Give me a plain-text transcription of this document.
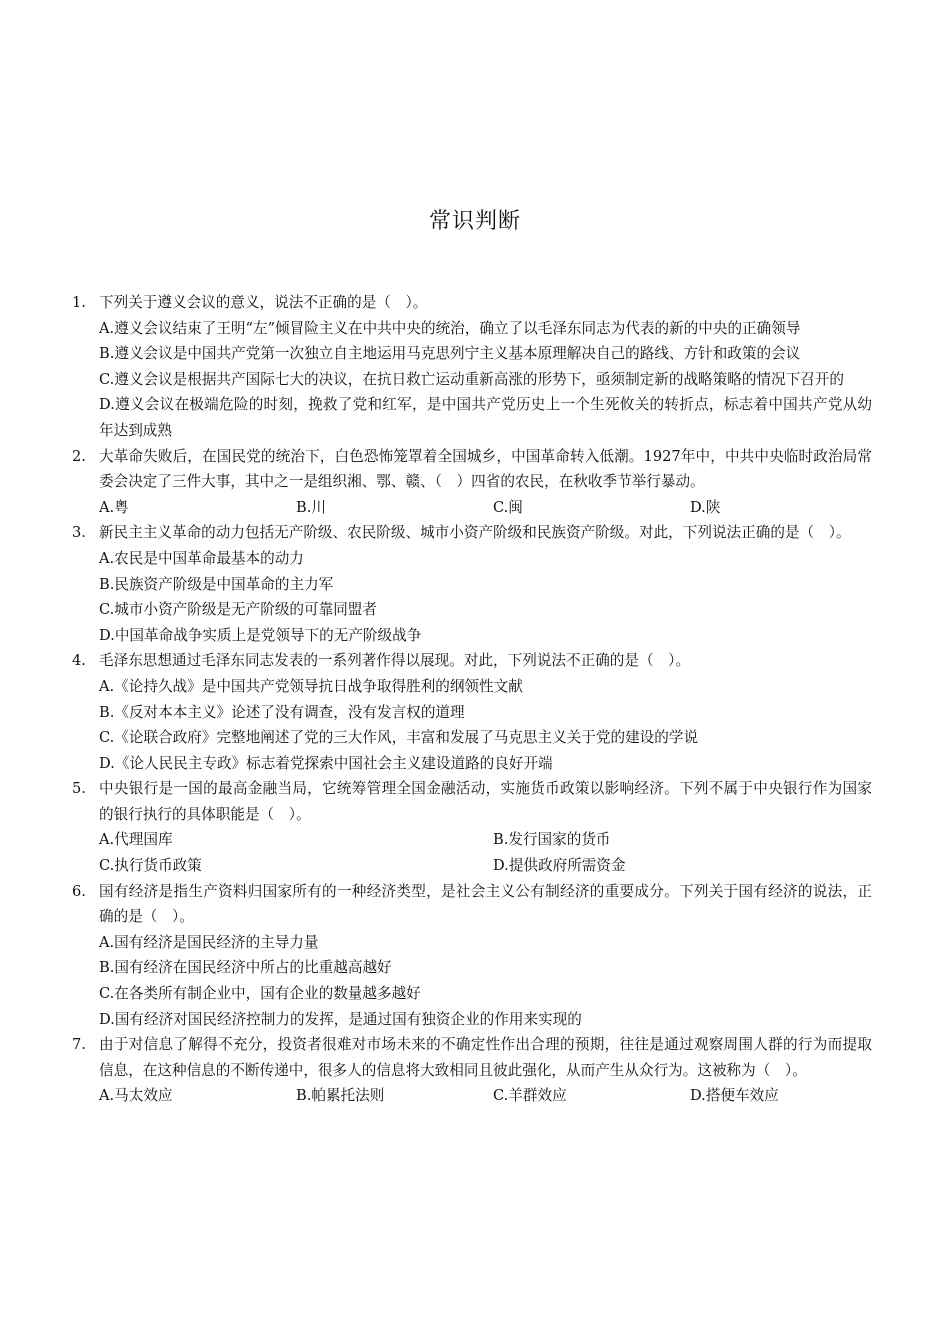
常识判断
1. 下列关于遵义会议的意义，说法不正确的是（　）。
A.遵义会议结束了王明“左”倾冒险主义在中共中央的统治，确立了以毛泽东同志为代表的新的中央的正确领导
B.遵义会议是中国共产党第一次独立自主地运用马克思列宁主义基本原理解决自己的路线、方针和政策的会议
C.遵义会议是根据共产国际七大的决议，在抗日救亡运动重新高涨的形势下，亟须制定新的战略策略的情况下召开的
D.遵义会议在极端危险的时刻，挽救了党和红军，是中国共产党历史上一个生死攸关的转折点，标志着中国共产党从幼年达到成熟
2. 大革命失败后，在国民党的统治下，白色恐怖笼罩着全国城乡，中国革命转入低潮。1927年中，中共中央临时政治局常委会决定了三件大事，其中之一是组织湘、鄂、赣、（　）四省的农民，在秋收季节举行暴动。
A.粤	B.川	C.闽	D.陕
3. 新民主主义革命的动力包括无产阶级、农民阶级、城市小资产阶级和民族资产阶级。对此，下列说法正确的是（　）。
A.农民是中国革命最基本的动力
B.民族资产阶级是中国革命的主力军
C.城市小资产阶级是无产阶级的可靠同盟者
D.中国革命战争实质上是党领导下的无产阶级战争
4. 毛泽东思想通过毛泽东同志发表的一系列著作得以展现。对此，下列说法不正确的是（　）。
A.《论持久战》是中国共产党领导抗日战争取得胜利的纲领性文献
B.《反对本本主义》论述了没有调查，没有发言权的道理
C.《论联合政府》完整地阐述了党的三大作风，丰富和发展了马克思主义关于党的建设的学说
D.《论人民民主专政》标志着党探索中国社会主义建设道路的良好开端
5. 中央银行是一国的最高金融当局，它统筹管理全国金融活动，实施货币政策以影响经济。下列不属于中央银行作为国家的银行执行的具体职能是（　）。
A.代理国库	B.发行国家的货币
C.执行货币政策	D.提供政府所需资金
6. 国有经济是指生产资料归国家所有的一种经济类型，是社会主义公有制经济的重要成分。下列关于国有经济的说法，正确的是（　）。
A.国有经济是国民经济的主导力量
B.国有经济在国民经济中所占的比重越高越好
C.在各类所有制企业中，国有企业的数量越多越好
D.国有经济对国民经济控制力的发挥，是通过国有独资企业的作用来实现的
7. 由于对信息了解得不充分，投资者很难对市场未来的不确定性作出合理的预期，往往是通过观察周围人群的行为而提取信息，在这种信息的不断传递中，很多人的信息将大致相同且彼此强化，从而产生从众行为。这被称为（　）。
A.马太效应	B.帕累托法则	C.羊群效应	D.搭便车效应
